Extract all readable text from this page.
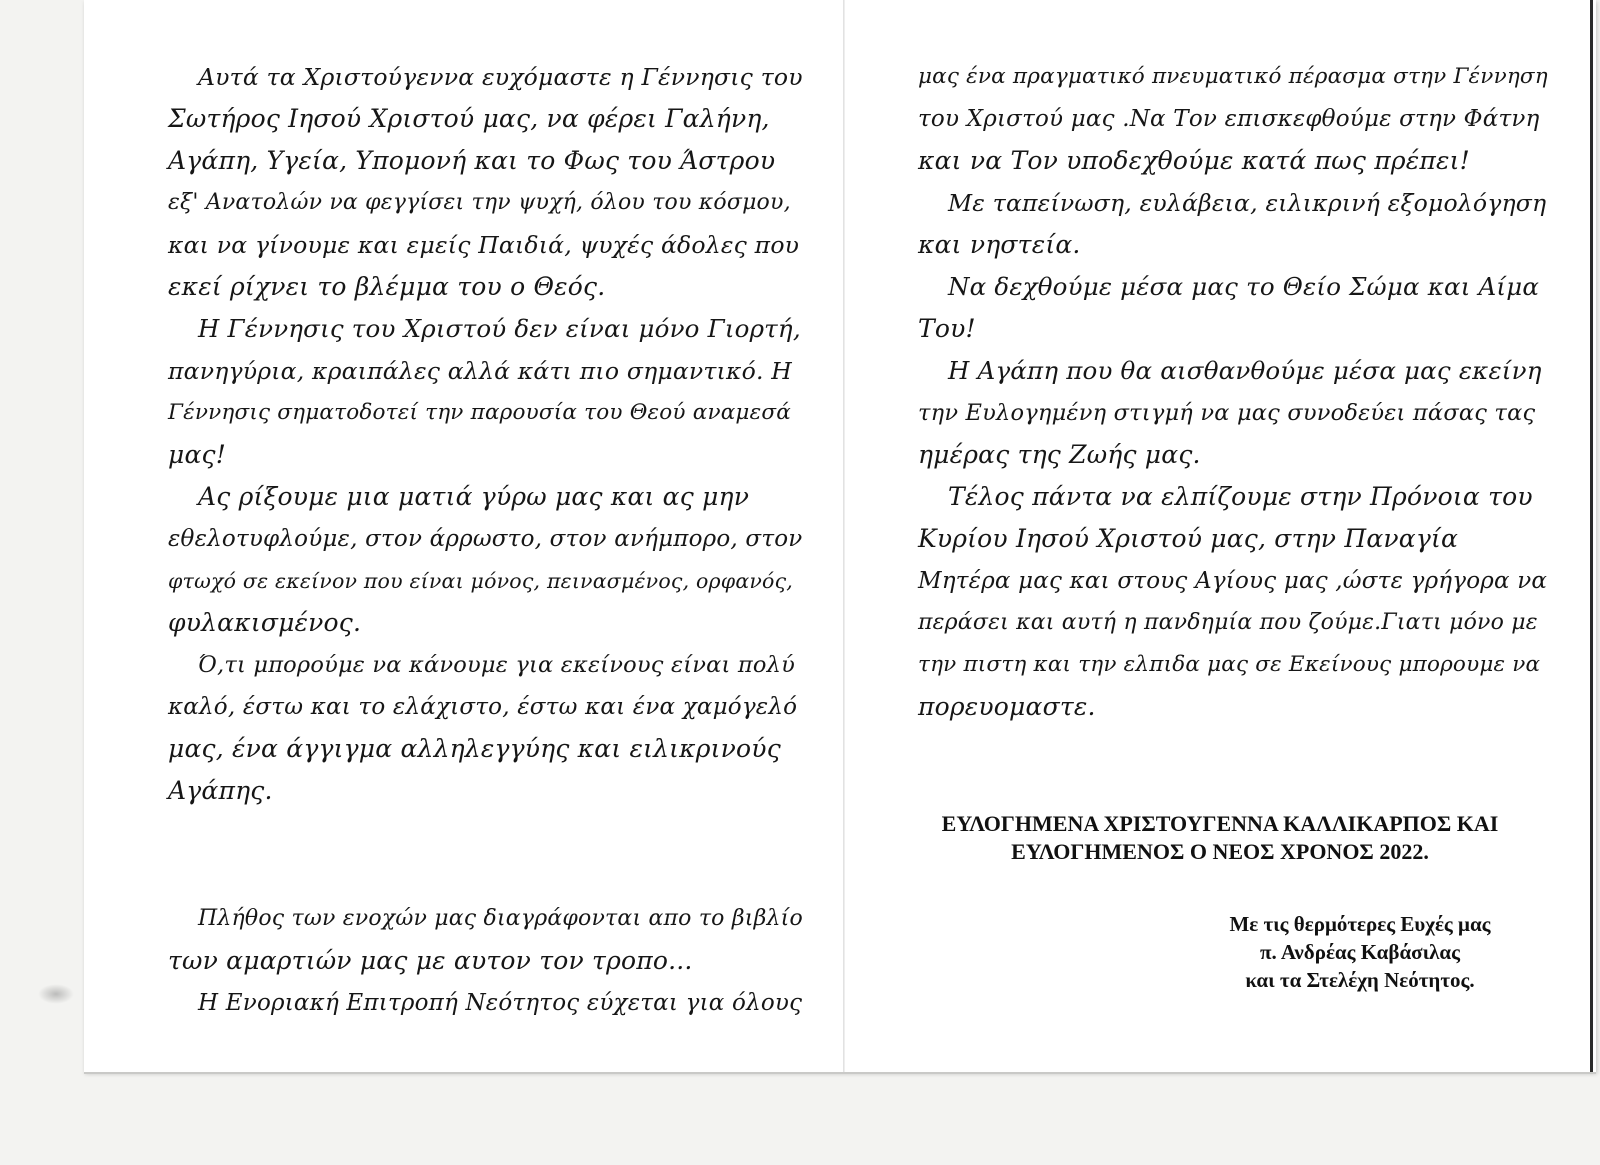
Αυτά τα Χριστούγεννα ευχόμαστε η Γέννησις του
Σωτήρος Ιησού Χριστού μας, να φέρει Γαλήνη,
Αγάπη, Υγεία, Υπομονή και το Φως του Άστρου
εξ' Ανατολών να φεγγίσει την ψυχή, όλου του κόσμου,
και να γίνουμε και εμείς Παιδιά, ψυχές άδολες που
εκεί ρίχνει το βλέμμα του ο Θεός.
Η Γέννησις του Χριστού δεν είναι μόνο Γιορτή,
πανηγύρια, κραιπάλες αλλά κάτι πιο σημαντικό. Η
Γέννησις σηματοδοτεί την παρουσία του Θεού αναμεσά
μας!
Ας ρίξουμε μια ματιά γύρω μας και ας μην
εθελοτυφλούμε, στον άρρωστο, στον ανήμπορο, στον
φτωχό σε εκείνον που είναι μόνος, πεινασμένος, ορφανός,
φυλακισμένος.
Ό,τι μπορούμε να κάνουμε για εκείνους είναι πολύ
καλό, έστω και το ελάχιστο, έστω και ένα χαμόγελό
μας, ένα άγγιγμα αλληλεγγύης και ειλικρινούς
Αγάπης.
Πλήθος των ενοχών μας διαγράφονται απο το βιβλίο
των αμαρτιών μας με αυτον τον τροπο...
Η Ενοριακή Επιτροπή Νεότητος εύχεται για όλους
μας ένα πραγματικό πνευματικό πέρασμα στην Γέννηση
του Χριστού μας .Να Τον επισκεφθούμε στην Φάτνη
και να Τον υποδεχθούμε κατά πως πρέπει!
Με ταπείνωση, ευλάβεια, ειλικρινή εξομολόγηση
και νηστεία.
Να δεχθούμε μέσα μας το Θείο Σώμα και Αίμα
Του!
Η Αγάπη που θα αισθανθούμε μέσα μας εκείνη
την Ευλογημένη στιγμή να μας συνοδεύει πάσας τας
ημέρας της Ζωής μας.
Τέλος πάντα να ελπίζουμε στην Πρόνοια του
Κυρίου Ιησού Χριστού μας, στην Παναγία
Μητέρα μας και στους Αγίους μας ,ώστε γρήγορα να
περάσει και αυτή η πανδημία που ζούμε.Γιατι μόνο με
την πιστη και την ελπιδα μας σε Εκείνους μπορουμε να
πορευομαστε.
ΕΥΛΟΓΗΜΕΝΑ ΧΡΙΣΤΟΥΓΕΝΝΑ ΚΑΛΛΙΚΑΡΠΟΣ ΚΑΙ
ΕΥΛΟΓΗΜΕΝΟΣ Ο ΝΕΟΣ ΧΡΟΝΟΣ 2022.
Με τις θερμότερες Ευχές μας
π. Ανδρέας Καβάσιλας
και τα Στελέχη Νεότητος.
